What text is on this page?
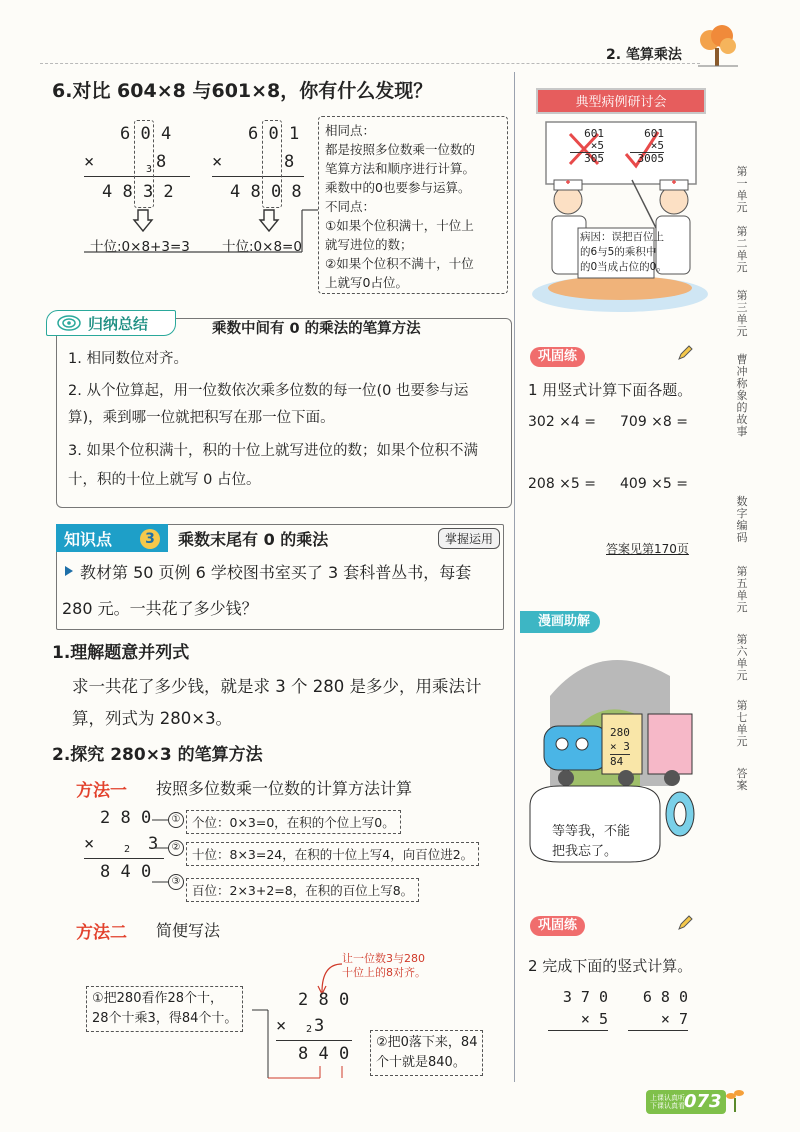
2. 笔算乘法
6.对比 604×8 与601×8，你有什么发现？
6 0 4
×	3 8
4 8 3 2
十位:0×8+3=3
6 0 1
×	8
4 8 0 8
十位:0×8=0

相同点：

都是按照多位数乘一位数的

笔算方法和顺序进行计算。

乘数中的0也要参与运算。

不同点：

①如果个位积满十，十位上

就写进位的数；

②如果个位积不满十，十位

上就写0占位。

归纳总结	乘数中间有 0 的乘法的笔算方法
1. 相同数位对齐。
2. 从个位算起，用一位数依次乘多位数的每一位(0 也要参与运
算)，乘到哪一位就把积写在那一位下面。
3. 如果个位积满十，积的十位上就写进位的数；如果个位积不满
十，积的十位上就写 0 占位。
知识点	3	乘数末尾有 0 的乘法	掌握运用
教材第 50 页例 6 学校图书室买了 3 套科普丛书，每套
280 元。一共花了多少钱？
1.理解题意并列式
求一共花了多少钱，就是求 3 个 280 是多少，用乘法计
算，列式为 280×3。
2.探究 280×3 的笔算方法
方法一 按照多位数乘一位数的计算方法计算
2 8 0
×	2 3
8 4 0
①
②
③
个位：0×3=0，在积的个位上写0。
十位：8×3=24，在积的十位上写4，向百位进2。
百位：2×3+2=8，在积的百位上写8。
方法二 简便写法
让一位数3与280
十位上的8对齐。
2 8 0
× 2 3
8 4 0
①把280看作28个十，
28个十乘3，得84个十。
②把0落下来，84
个十就是840。
典型病例研讨会
601
×5
305
601
×5
3005
病因：误把百位上
的6与5的乘积中
的0当成占位的0。
巩固练
1 用竖式计算下面各题。
302 ×4 = 709 ×8 =
208 ×5 = 409 ×5 =
答案见第170页
漫画助解
280
× 3
84
等等我，不能
把我忘了。
巩固练
2 完成下面的竖式计算。
3 7 0
× 5
6 8 0
× 7
第一单元
第二单元
第三单元
曹冲称象的故事
数字编码
第五单元
第六单元
第七单元
答案
上课认真听
下课认真看 073
